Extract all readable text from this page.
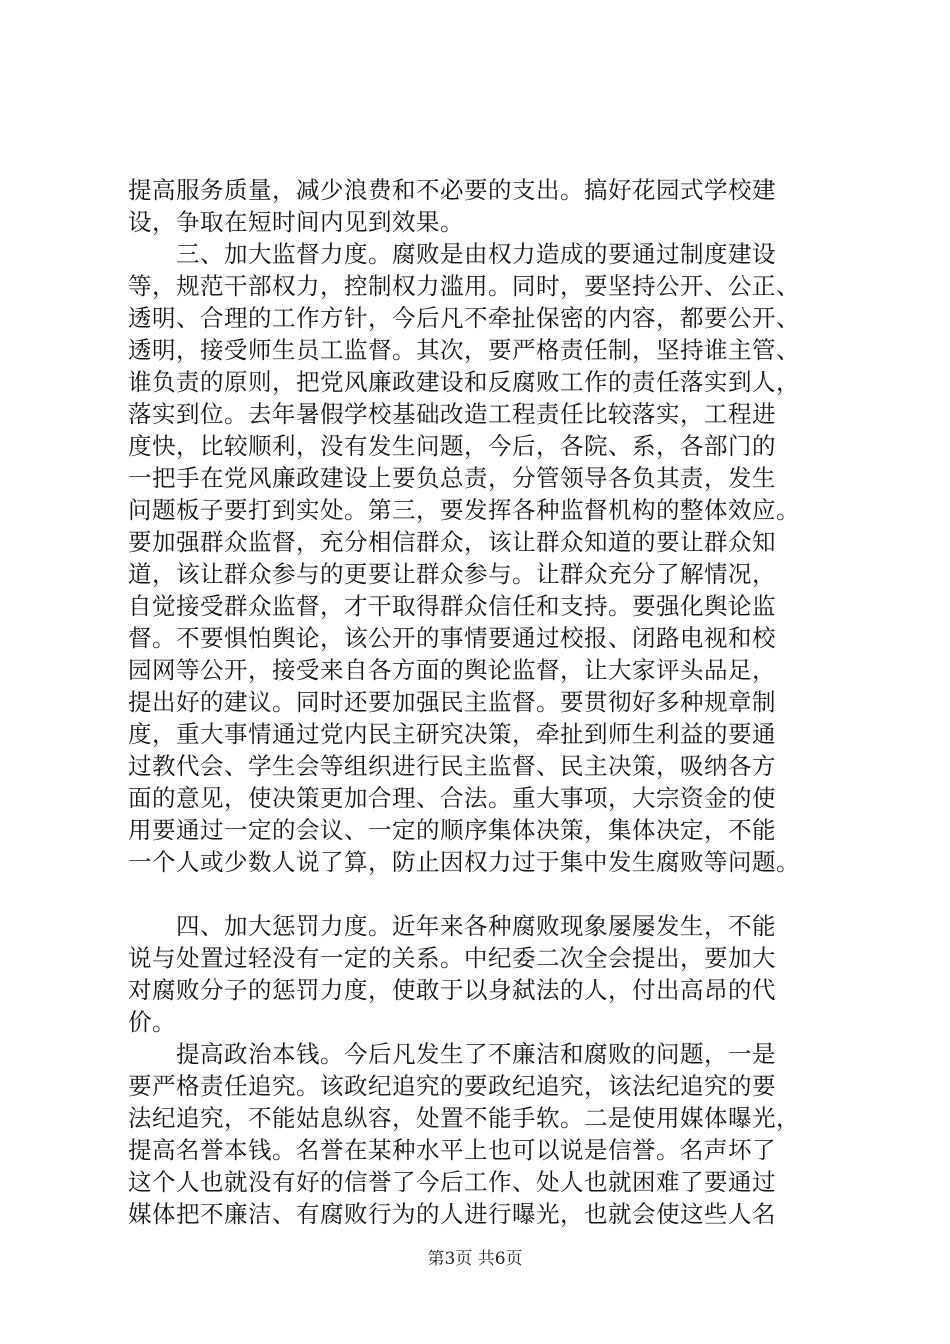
提高服务质量，减少浪费和不必要的支出。搞好花园式学校建
设，争取在短时间内见到效果。
三、加大监督力度。腐败是由权力造成的要通过制度建设
等，规范干部权力，控制权力滥用。同时，要坚持公开、公正、
透明、合理的工作方针，今后凡不牵扯保密的内容，都要公开、
透明，接受师生员工监督。其次，要严格责任制，坚持谁主管、
谁负责的原则，把党风廉政建设和反腐败工作的责任落实到人，
落实到位。去年暑假学校基础改造工程责任比较落实，工程进
度快，比较顺利，没有发生问题，今后，各院、系，各部门的
一把手在党风廉政建设上要负总责，分管领导各负其责，发生
问题板子要打到实处。第三，要发挥各种监督机构的整体效应。
要加强群众监督，充分相信群众，该让群众知道的要让群众知
道，该让群众参与的更要让群众参与。让群众充分了解情况，
自觉接受群众监督，才干取得群众信任和支持。要强化舆论监
督。不要惧怕舆论，该公开的事情要通过校报、闭路电视和校
园网等公开，接受来自各方面的舆论监督，让大家评头品足，
提出好的建议。同时还要加强民主监督。要贯彻好多种规章制
度，重大事情通过党内民主研究决策，牵扯到师生利益的要通
过教代会、学生会等组织进行民主监督、民主决策，吸纳各方
面的意见，使决策更加合理、合法。重大事项，大宗资金的使
用要通过一定的会议、一定的顺序集体决策，集体决定，不能
一个人或少数人说了算，防止因权力过于集中发生腐败等问题。
四、加大惩罚力度。近年来各种腐败现象屡屡发生，不能
说与处置过轻没有一定的关系。中纪委二次全会提出，要加大
对腐败分子的惩罚力度，使敢于以身弑法的人，付出高昂的代
价。
提高政治本钱。今后凡发生了不廉洁和腐败的问题，一是
要严格责任追究。该政纪追究的要政纪追究，该法纪追究的要
法纪追究，不能姑息纵容，处置不能手软。二是使用媒体曝光，
提高名誉本钱。名誉在某种水平上也可以说是信誉。名声坏了
这个人也就没有好的信誉了今后工作、处人也就困难了要通过
媒体把不廉洁、有腐败行为的人进行曝光，也就会使这些人名
第3页 共6页
